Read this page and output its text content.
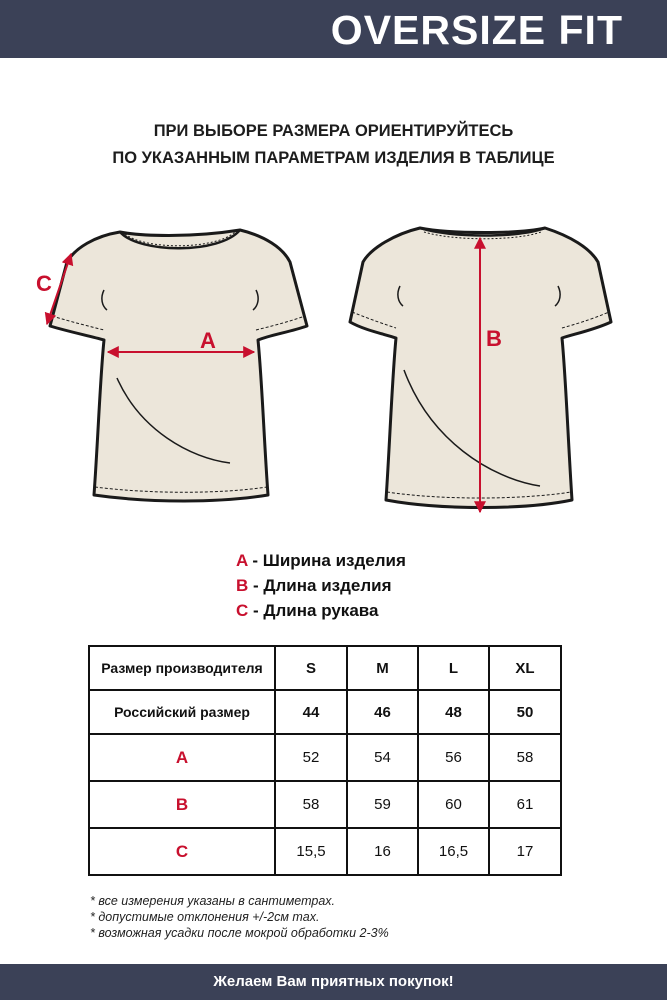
OVERSIZE FIT
ПРИ ВЫБОРЕ РАЗМЕРА ОРИЕНТИРУЙТЕСЬ
ПО УКАЗАННЫМ ПАРАМЕТРАМ ИЗДЕЛИЯ В ТАБЛИЦЕ
A	B
C
A - Ширина изделия
B - Длина изделия
C - Длина рукава
Размер производителя	S	M	L	XL
Российский размер	44	46	48	50
A	52	54	56	58
B	58	59	60	61
C	15,5	16	16,5	17
* все измерения указаны в сантиметрах.
* допустимые отклонения +/-2см max.
* возможная усадки после мокрой обработки 2-3%
Желаем Вам приятных покупок!
